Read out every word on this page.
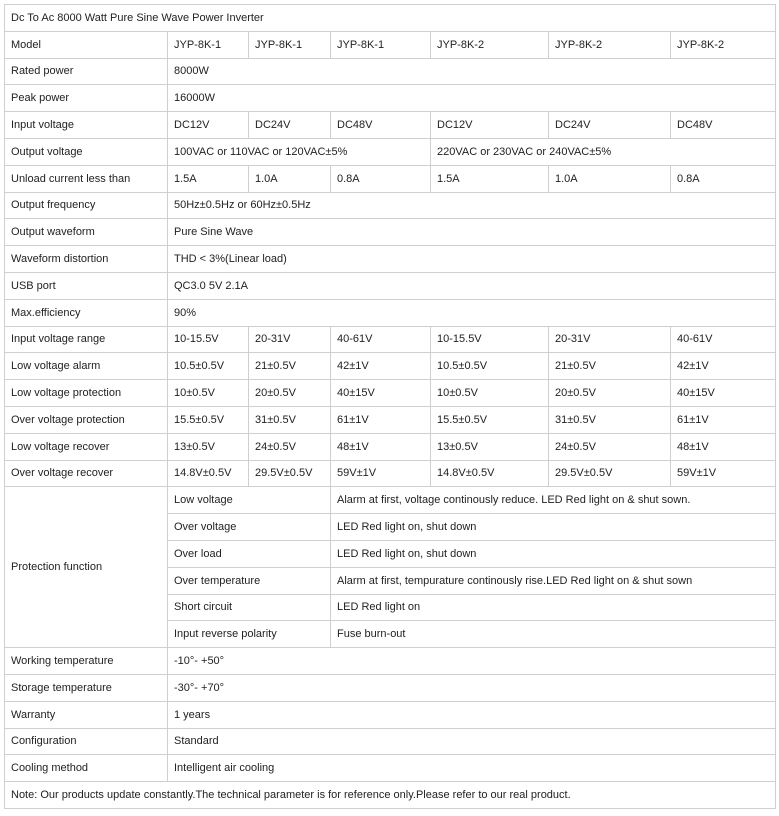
Dc To Ac 8000 Watt Pure Sine Wave Power Inverter						
Model	JYP-8K-1	JYP-8K-1	JYP-8K-1	JYP-8K-2	JYP-8K-2	JYP-8K-2
Rated power	8000W					
Peak power	16000W					
Input voltage	DC12V	DC24V	DC48V	DC12V	DC24V	DC48V
Output voltage	100VAC or 110VAC or 120VAC±5%			220VAC or 230VAC or 240VAC±5%		
Unload current less than	1.5A	1.0A	0.8A	1.5A	1.0A	0.8A
Output frequency	50Hz±0.5Hz or 60Hz±0.5Hz					
Output waveform	Pure Sine Wave					
Waveform distortion	THD < 3%(Linear load)					
USB port	QC3.0 5V 2.1A					
Max.efficiency	90%					
Input voltage range	10-15.5V	20-31V	40-61V	10-15.5V	20-31V	40-61V
Low voltage alarm	10.5±0.5V	21±0.5V	42±1V	10.5±0.5V	21±0.5V	42±1V
Low voltage protection	10±0.5V	20±0.5V	40±15V	10±0.5V	20±0.5V	40±15V
Over voltage protection	15.5±0.5V	31±0.5V	61±1V	15.5±0.5V	31±0.5V	61±1V
Low voltage recover	13±0.5V	24±0.5V	48±1V	13±0.5V	24±0.5V	48±1V
Over voltage recover	14.8V±0.5V	29.5V±0.5V	59V±1V	14.8V±0.5V	29.5V±0.5V	59V±1V
Protection function	Low voltage		Alarm at first, voltage continously reduce. LED Red light on & shut sown.			
	Over voltage		LED Red light on, shut down			
	Over load		LED Red light on, shut down			
	Over temperature		Alarm at first, tempurature continously rise.LED Red light on & shut sown			
	Short circuit		LED Red light on			
	Input reverse polarity		Fuse burn-out			
Working temperature	-10°- +50°					
Storage temperature	-30°- +70°					
Warranty	1 years					
Configuration	Standard					
Cooling method	Intelligent air cooling					
Note: Our products update constantly.The technical parameter is for reference only.Please refer to our real product.						
